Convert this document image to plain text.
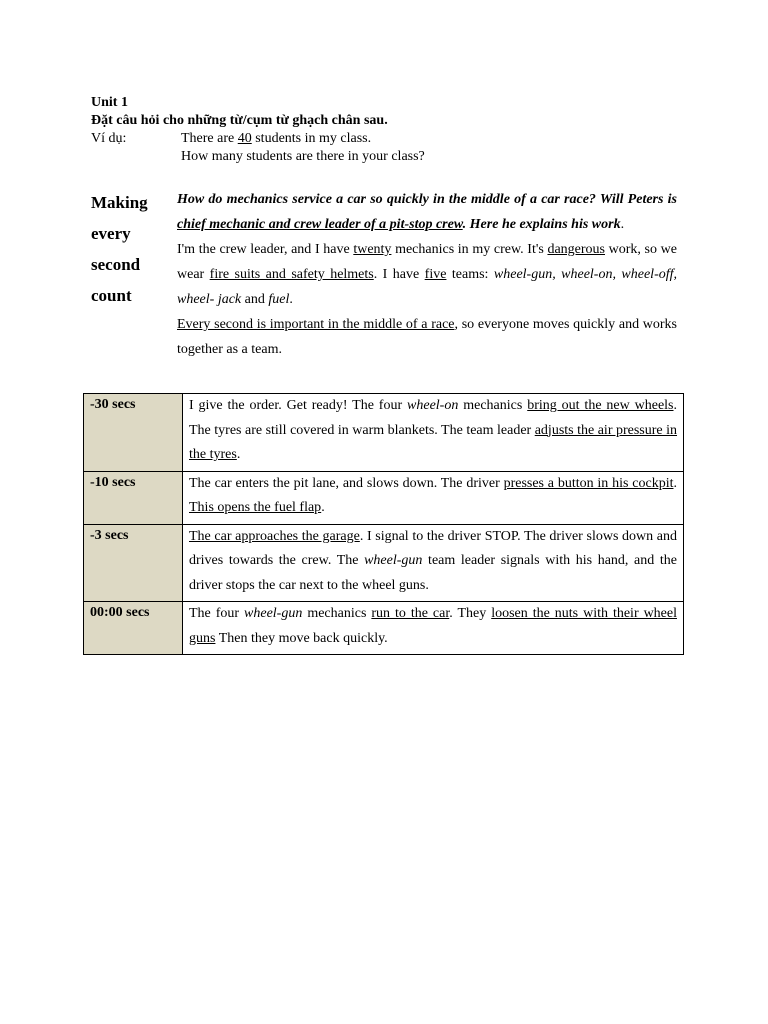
Unit 1
Đặt câu hỏi cho những từ/cụm từ ghạch chân sau.
Ví dụ:	There are 40 students in my class.
How many students are there in your class?
Making
every
second
count

How do mechanics service a car so quickly in the middle of a car race? Will Peters is chief mechanic and crew leader of a pit-stop crew. Here he explains his work.

I'm the crew leader, and I have twenty mechanics in my crew. It's dangerous work, so we wear fire suits and safety helmets. I have five teams: wheel-gun, wheel-on, wheel-off, wheel- jack and fuel.

Every second is important in the middle of a race, so everyone moves quickly and works together as a team.

-30 secs	I give the order. Get ready! The four wheel-on mechanics bring out the new wheels. The tyres are still covered in warm blankets. The team leader adjusts the air pressure in the tyres.
-10 secs	The car enters the pit lane, and slows down. The driver presses a button in his cockpit. This opens the fuel flap.
-3 secs	The car approaches the garage. I signal to the driver STOP. The driver slows down and drives towards the crew. The wheel-gun team leader signals with his hand, and the driver stops the car next to the wheel guns.
00:00 secs	The four wheel-gun mechanics run to the car. They loosen the nuts with their wheel guns Then they move back quickly.
